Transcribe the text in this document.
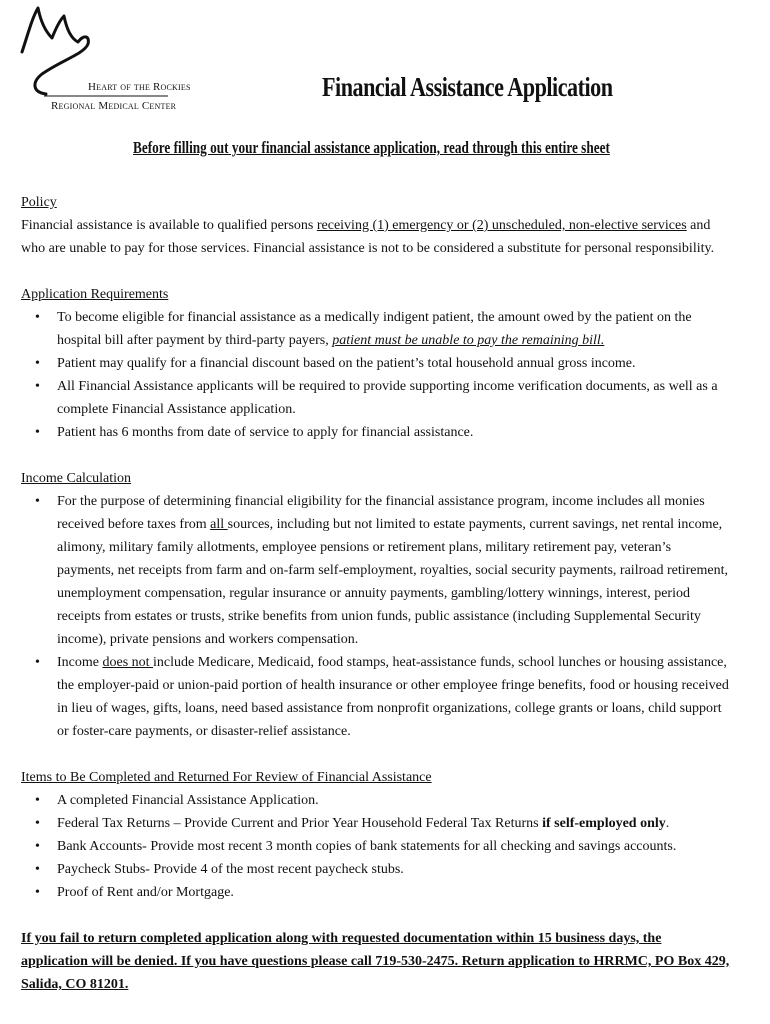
Heart of the Rockies
Regional Medical Center
Financial Assistance Application
Before filling out your financial assistance application, read through this entire sheet
Policy

Financial assistance is available to qualified persons receiving (1) emergency or (2) unscheduled, non-elective services and who are unable to pay for those services. Financial assistance is not to be considered a substitute for personal responsibility.

Application Requirements
• To become eligible for financial assistance as a medically indigent patient, the amount owed by the patient on the hospital bill after payment by third-party payers, patient must be unable to pay the remaining bill.
• Patient may qualify for a financial discount based on the patient’s total household annual gross income.
• All Financial Assistance applicants will be required to provide supporting income verification documents, as well as a complete Financial Assistance application.
• Patient has 6 months from date of service to apply for financial assistance.
Income Calculation
• For the purpose of determining financial eligibility for the financial assistance program, income includes all monies received before taxes from all sources, including but not limited to estate payments, current savings, net rental income, alimony, military family allotments, employee pensions or retirement plans, military retirement pay, veteran’s payments, net receipts from farm and on-farm self-employment, royalties, social security payments, railroad retirement, unemployment compensation, regular insurance or annuity payments, gambling/lottery winnings, interest, period receipts from estates or trusts, strike benefits from union funds, public assistance (including Supplemental Security income), private pensions and workers compensation.
• Income does not include Medicare, Medicaid, food stamps, heat-assistance funds, school lunches or housing assistance, the employer-paid or union-paid portion of health insurance or other employee fringe benefits, food or housing received in lieu of wages, gifts, loans, need based assistance from nonprofit organizations, college grants or loans, child support or foster-care payments, or disaster-relief assistance.
Items to Be Completed and Returned For Review of Financial Assistance
• A completed Financial Assistance Application.
• Federal Tax Returns – Provide Current and Prior Year Household Federal Tax Returns if self-employed only.
• Bank Accounts- Provide most recent 3 month copies of bank statements for all checking and savings accounts.
• Paycheck Stubs- Provide 4 of the most recent paycheck stubs.
• Proof of Rent and/or Mortgage.

If you fail to return completed application along with requested documentation within 15 business days, the application will be denied. If you have questions please call 719-530-2475. Return application to HRRMC, PO Box 429, Salida, CO 81201.
